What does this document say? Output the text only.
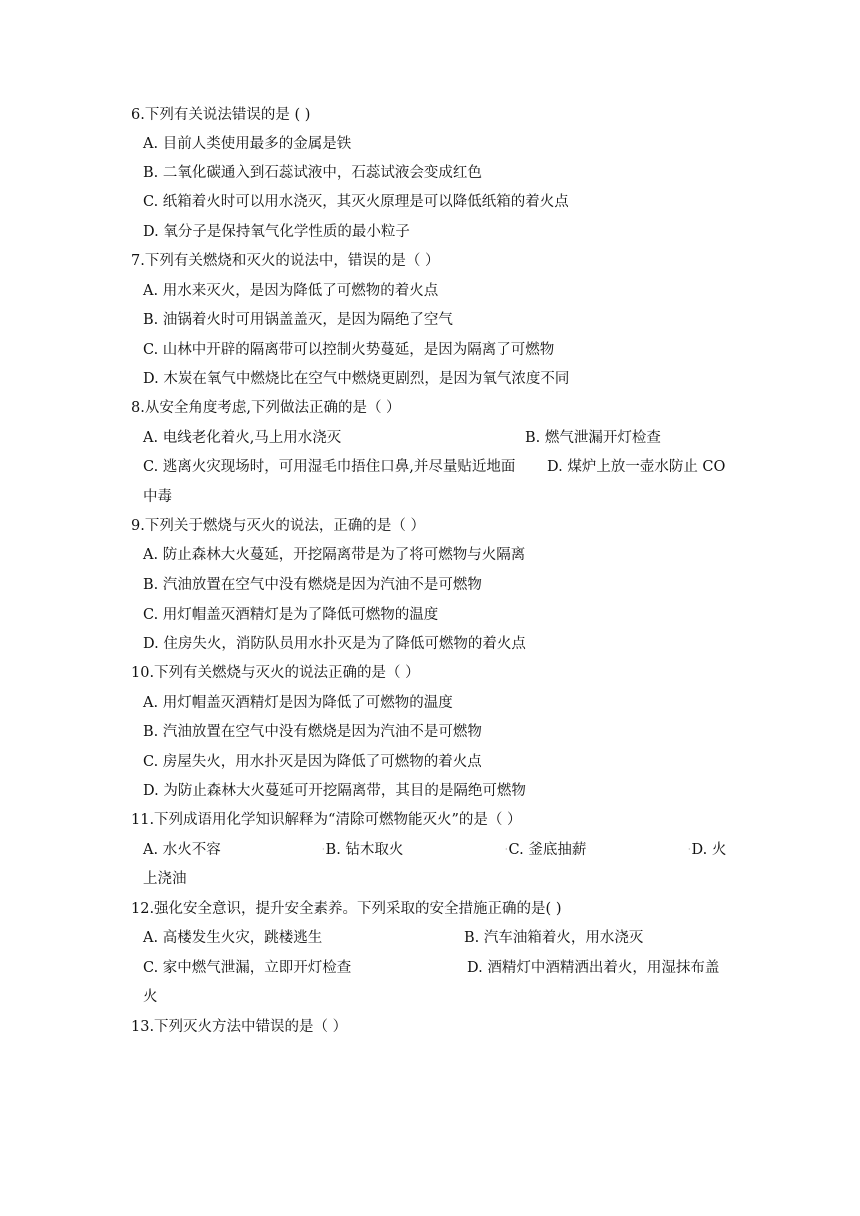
6.下列有关说法错误的是 ( )
A. 目前人类使用最多的金属是铁
B. 二氧化碳通入到石蕊试液中，石蕊试液会变成红色
C. 纸箱着火时可以用水浇灭，其灭火原理是可以降低纸箱的着火点
D. 氧分子是保持氧气化学性质的最小粒子
7.下列有关燃烧和灭火的说法中，错误的是（ ）
A. 用水来灭火，是因为降低了可燃物的着火点
B. 油锅着火时可用锅盖盖灭，是因为隔绝了空气
C. 山林中开辟的隔离带可以控制火势蔓延，是因为隔离了可燃物
D. 木炭在氧气中燃烧比在空气中燃烧更剧烈，是因为氧气浓度不同
8.从安全角度考虑,下列做法正确的是（ ）
A. 电线老化着火,马上用水浇灭	B. 燃气泄漏开灯检查
C. 逃离火灾现场时，可用湿毛巾捂住口鼻,并尽量贴近地面 D. 煤炉上放一壶水防止 CO
中毒
9.下列关于燃烧与灭火的说法，正确的是（ ）
A. 防止森林大火蔓延，开挖隔离带是为了将可燃物与火隔离
B. 汽油放置在空气中没有燃烧是因为汽油不是可燃物
C. 用灯帽盖灭酒精灯是为了降低可燃物的温度
D. 住房失火，消防队员用水扑灭是为了降低可燃物的着火点
10.下列有关燃烧与灭火的说法正确的是（ ）
A. 用灯帽盖灭酒精灯是因为降低了可燃物的温度
B. 汽油放置在空气中没有燃烧是因为汽油不是可燃物
C. 房屋失火，用水扑灭是因为降低了可燃物的着火点
D. 为防止森林大火蔓延可开挖隔离带，其目的是隔绝可燃物
11.下列成语用化学知识解释为“清除可燃物能灭火”的是（ ）
A. 水火不容	·B. 钻木取火	·C. 釜底抽薪	·D. 火
上浇油
12.强化安全意识，提升安全素养。下列采取的安全措施正确的是( )
A. 高楼发生火灾，跳楼逃生	B. 汽车油箱着火，用水浇灭
C. 家中燃气泄漏，立即开灯检查	D. 酒精灯中酒精洒出着火，用湿抹布盖
火
13.下列灭火方法中错误的是（ ）
